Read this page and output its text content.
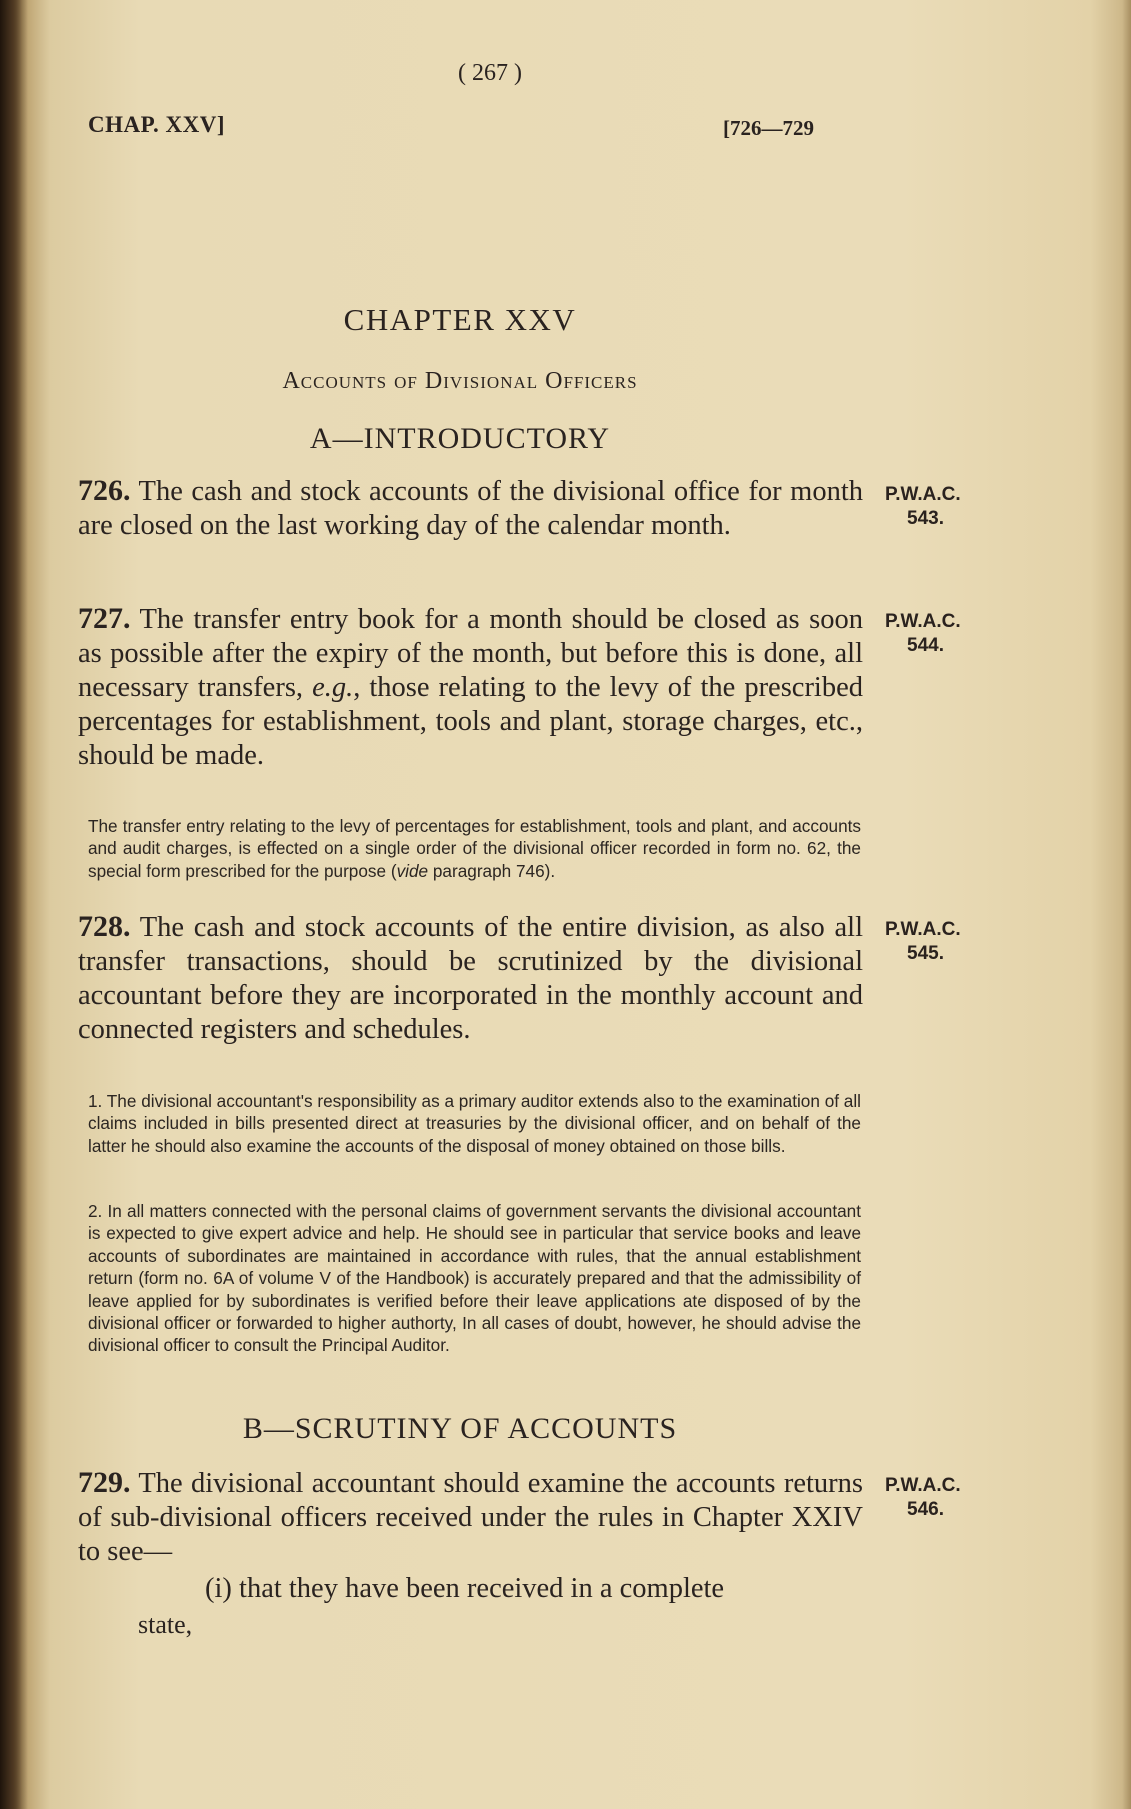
( 267 )
CHAP. XXV]	[726—729
CHAPTER XXV
Accounts of Divisional Officers
A—INTRODUCTORY

726. The cash and stock accounts of the divisional office for month are closed on the last working day of the calendar month.

P.W.A.C.
543.

727. The transfer entry book for a month should be closed as soon as possible after the expiry of the month, but before this is done, all necessary transfers, e.g., those relating to the levy of the prescribed percentages for establishment, tools and plant, storage charges, etc., should be made.

P.W.A.C.
544.

The transfer entry relating to the levy of percentages for establishment, tools and plant, and accounts and audit charges, is effected on a single order of the divisional officer recorded in form no. 62, the special form prescribed for the purpose (vide paragraph 746).

728. The cash and stock accounts of the entire division, as also all transfer transactions, should be scrutinized by the divisional accountant before they are incorporated in the monthly account and connected registers and schedules.

P.W.A.C.
545.

1. The divisional accountant's responsibility as a primary auditor extends also to the examination of all claims included in bills presented direct at treasuries by the divisional officer, and on behalf of the latter he should also examine the accounts of the disposal of money obtained on those bills.

2. In all matters connected with the personal claims of government servants the divisional accountant is expected to give expert advice and help. He should see in particular that service books and leave accounts of subordinates are maintained in accordance with rules, that the annual establishment return (form no. 6A of volume V of the Handbook) is accurately prepared and that the admissibility of leave applied for by subordinates is verified before their leave applications ate disposed of by the divisional officer or forwarded to higher authorty, In all cases of doubt, however, he should advise the divisional officer to consult the Principal Auditor.

B—SCRUTINY OF ACCOUNTS

729. The divisional accountant should examine the accounts returns of sub-divisional officers received under the rules in Chapter XXIV to see—

P.W.A.C.
546.
(i) that they have been received in a complete
state,
